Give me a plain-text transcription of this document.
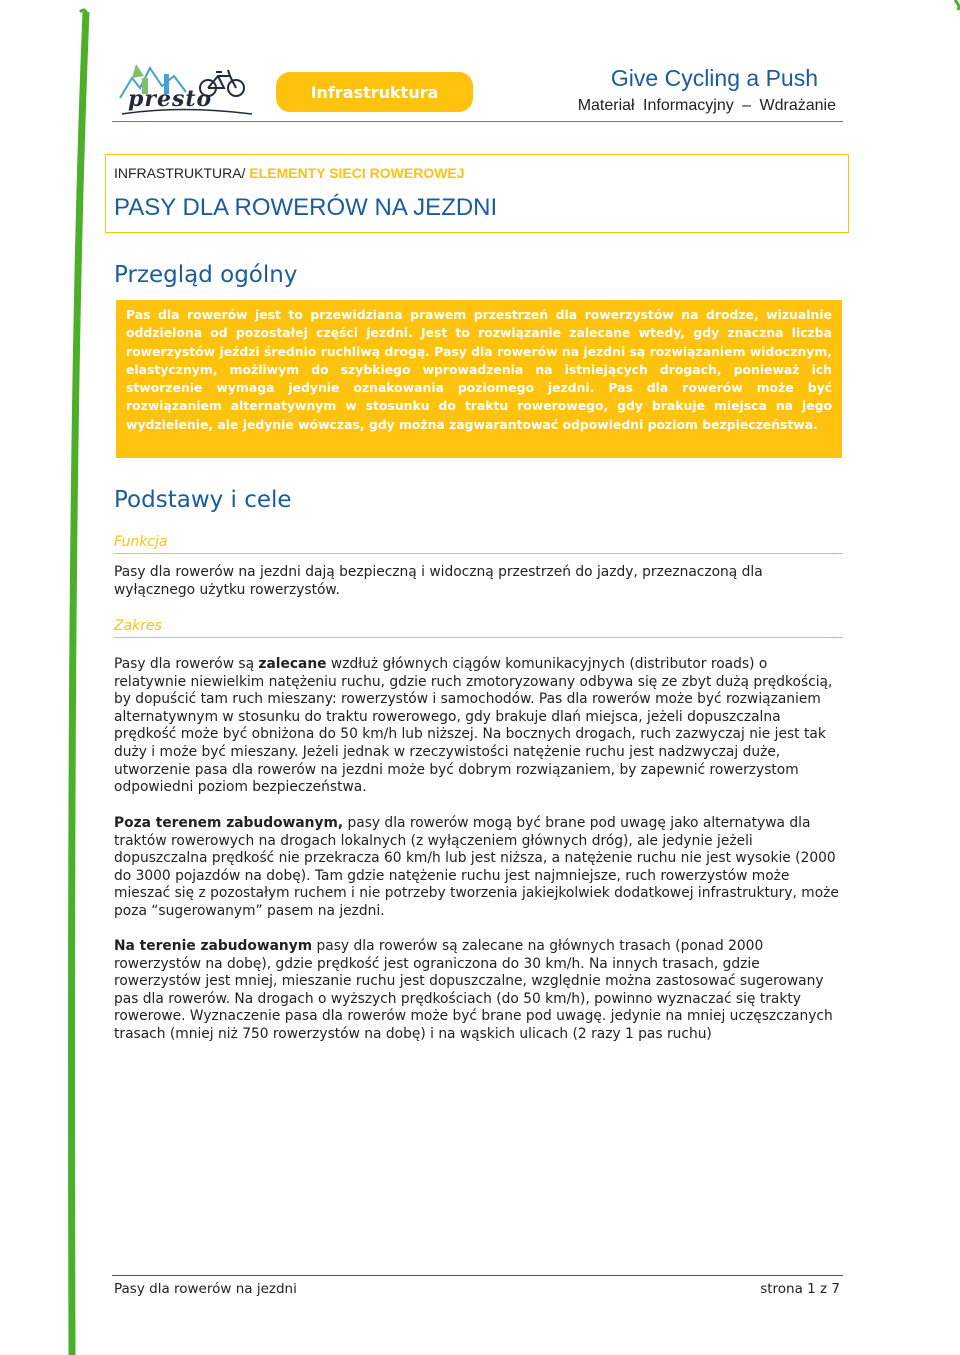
presto	Infrastruktura
Give Cycling a Push
Materiał Informacyjny – Wdrażanie
INFRASTRUKTURA/ ELEMENTY SIECI ROWEROWEJ
PASY DLA ROWERÓW NA JEZDNI
Przegląd ogólny

Pas dla rowerów jest to przewidziana prawem przestrzeń dla rowerzystów na drodze, wizualnie oddzielona od pozostałej części jezdni. Jest to rozwiązanie zalecane wtedy, gdy znaczna liczba rowerzystów jeździ średnio ruchliwą drogą. Pasy dla rowerów na jezdni są rozwiązaniem widocznym, elastycznym, możliwym do szybkiego wprowadzenia na istniejących drogach, ponieważ ich stworzenie wymaga jedynie oznakowania poziomego jezdni. Pas dla rowerów może być rozwiązaniem alternatywnym w stosunku do traktu rowerowego, gdy brakuje miejsca na jego wydzielenie, ale jedynie wówczas, gdy można zagwarantować odpowiedni poziom bezpieczeństwa.

Podstawy i cele
Funkcja

Pasy dla rowerów na jezdni dają bezpieczną i widoczną przestrzeń do jazdy, przeznaczoną dla wyłącznego użytku rowerzystów.

Zakres

Pasy dla rowerów są zalecane wzdłuż głównych ciągów komunikacyjnych (distributor roads) o relatywnie niewielkim natężeniu ruchu, gdzie ruch zmotoryzowany odbywa się ze zbyt dużą prędkością, by dopuścić tam ruch mieszany: rowerzystów i samochodów. Pas dla rowerów może być rozwiązaniem alternatywnym w stosunku do traktu rowerowego, gdy brakuje dlań miejsca, jeżeli dopuszczalna prędkość może być obniżona do 50 km/h lub niższej. Na bocznych drogach, ruch zazwyczaj nie jest tak duży i może być mieszany. Jeżeli jednak w rzeczywistości natężenie ruchu jest nadzwyczaj duże, utworzenie pasa dla rowerów na jezdni może być dobrym rozwiązaniem, by zapewnić rowerzystom odpowiedni poziom bezpieczeństwa.

Poza terenem zabudowanym, pasy dla rowerów mogą być brane pod uwagę jako alternatywa dla traktów rowerowych na drogach lokalnych (z wyłączeniem głównych dróg), ale jedynie jeżeli dopuszczalna prędkość nie przekracza 60 km/h lub jest niższa, a natężenie ruchu nie jest wysokie (2000 do 3000 pojazdów na dobę). Tam gdzie natężenie ruchu jest najmniejsze, ruch rowerzystów może mieszać się z pozostałym ruchem i nie potrzeby tworzenia jakiejkolwiek dodatkowej infrastruktury, może poza “sugerowanym” pasem na jezdni.

Na terenie zabudowanym pasy dla rowerów są zalecane na głównych trasach (ponad 2000 rowerzystów na dobę), gdzie prędkość jest ograniczona do 30 km/h. Na innych trasach, gdzie rowerzystów jest mniej, mieszanie ruchu jest dopuszczalne, względnie można zastosować sugerowany pas dla rowerów. Na drogach o wyższych prędkościach (do 50 km/h), powinno wyznaczać się trakty rowerowe. Wyznaczenie pasa dla rowerów może być brane pod uwagę. jedynie na mniej uczęszczanych trasach (mniej niż 750 rowerzystów na dobę) i na wąskich ulicach (2 razy 1 pas ruchu)

Pasy dla rowerów na jezdni	strona 1 z 7
